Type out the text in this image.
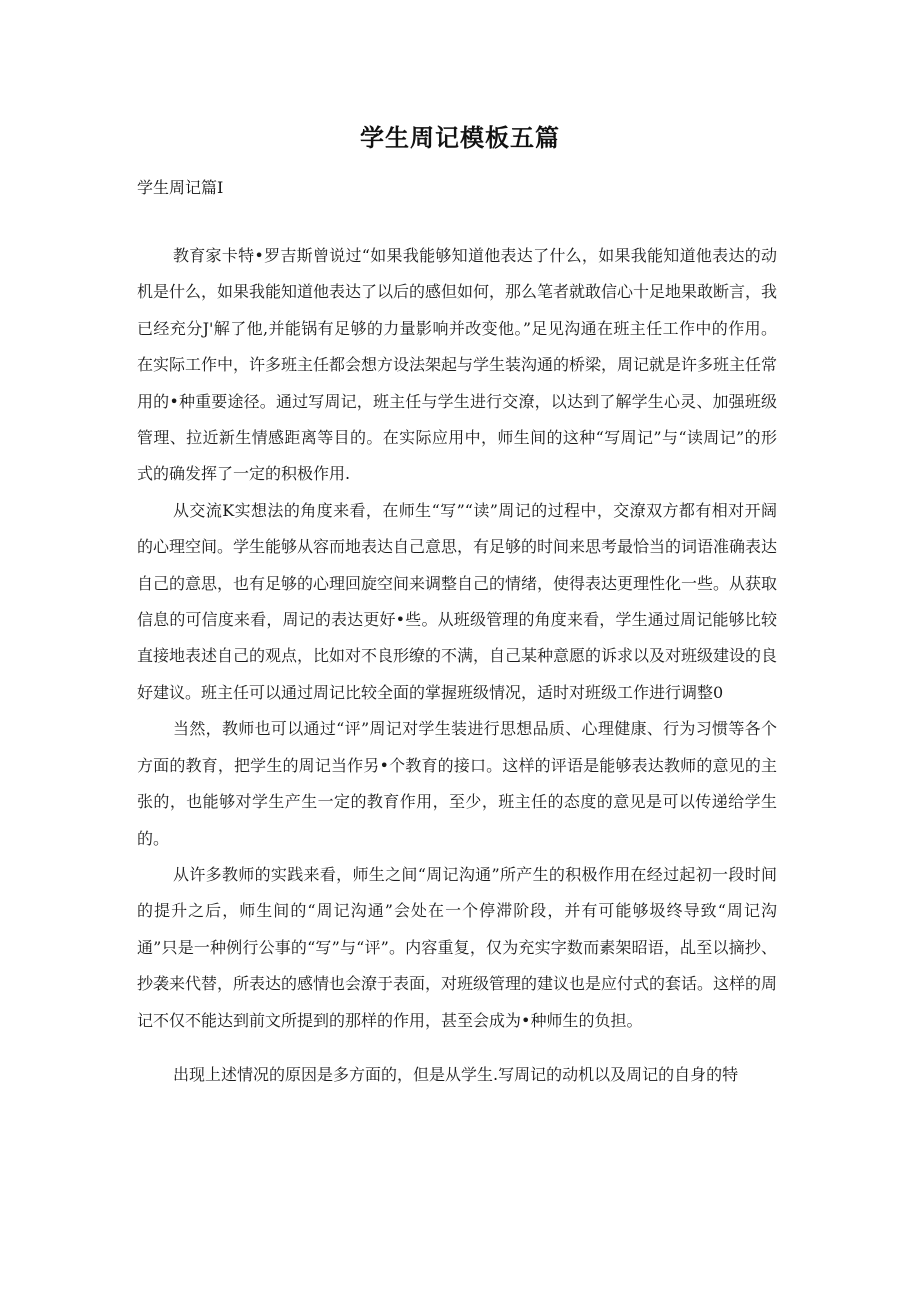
学生周记模板五篇
学生周记篇I

教育家卡特•罗吉斯曾说过“如果我能够知道他表达了什么，如果我能知道他表达的动机是什么，如果我能知道他表达了以后的感但如何，那么笔者就敢信心十足地果敢断言，我已经充分J'解了他,并能锅有足够的力量影响并改变他。”足见沟通在班主任工作中的作用。在实际工作中，许多班主任都会想方设法架起与学生装沟通的桥梁，周记就是许多班主任常用的•种重要途径。通过写周记，班主任与学生进行交潦，以达到了解学生心灵、加强班级管理、拉近新生情感距离等目的。在实际应用中，师生间的这种“写周记”与“读周记”的形式的确发挥了一定的积极作用.

从交流K实想法的角度来看，在师生“写”“读”周记的过程中，交潦双方都有相对开阔的心理空间。学生能够从容而地表达自己意思，有足够的时间来思考最恰当的词语准确表达自己的意思，也有足够的心理回旋空间来调整自己的情绪，使得表达更理性化一些。从获取信息的可信度来看，周记的表达更好•些。从班级管理的角度来看，学生通过周记能够比较直接地表述自己的观点，比如对不良形缭的不满，自己某种意愿的诉求以及对班级建设的良好建议。班主任可以通过周记比较全面的掌握班级情况，适时对班级工作进行调整0

当然，教师也可以通过“评”周记对学生装进行思想品质、心理健康、行为习惯等各个方面的教育，把学生的周记当作另•个教育的接口。这样的评语是能够表达教师的意见的主张的，也能够对学生产生一定的教育作用，至少，班主任的态度的意见是可以传递给学生的。

从许多教师的实践来看，师生之间“周记沟通”所产生的积极作用在经过起初一段时间的提升之后，师生间的“周记沟通”会处在一个停滞阶段，并有可能够圾终导致“周记沟通”只是一种例行公事的“写”与“评”。内容重复，仅为充实字数而素架昭语，乩至以摘抄、抄袭来代替，所表达的感情也会潦于表面，对班级管理的建议也是应付式的套话。这样的周记不仅不能达到前文所提到的那样的作用，甚至会成为•种师生的负担。

出现上述情况的原因是多方面的，但是从学生.写周记的动机以及周记的自身的特
